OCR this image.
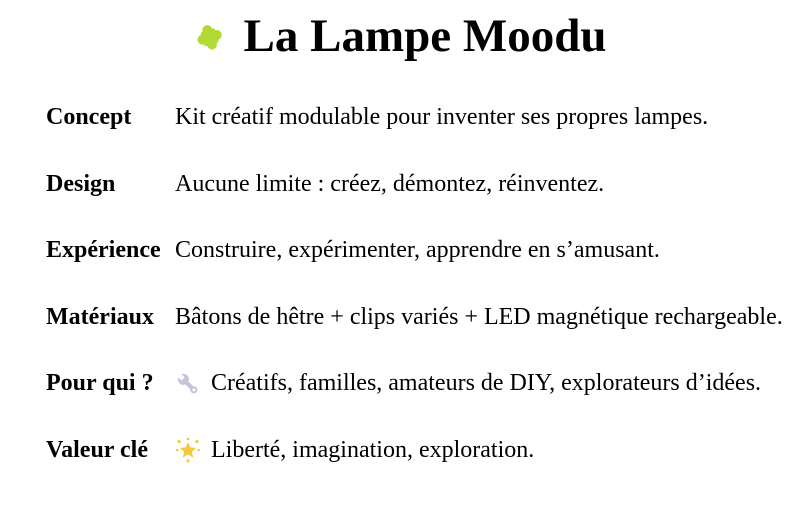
La Lampe Moodu
Concept	Kit créatif modulable pour inventer ses propres lampes.
Design	Aucune limite : créez, démontez, réinventez.
Expérience Construire, expérimenter, apprendre en s’amusant.
Matériaux Bâtons de hêtre + clips variés + LED magnétique rechargeable.
Pour qui ?	Créatifs, familles, amateurs de DIY, explorateurs d’idées.
Valeur clé	Liberté, imagination, exploration.
